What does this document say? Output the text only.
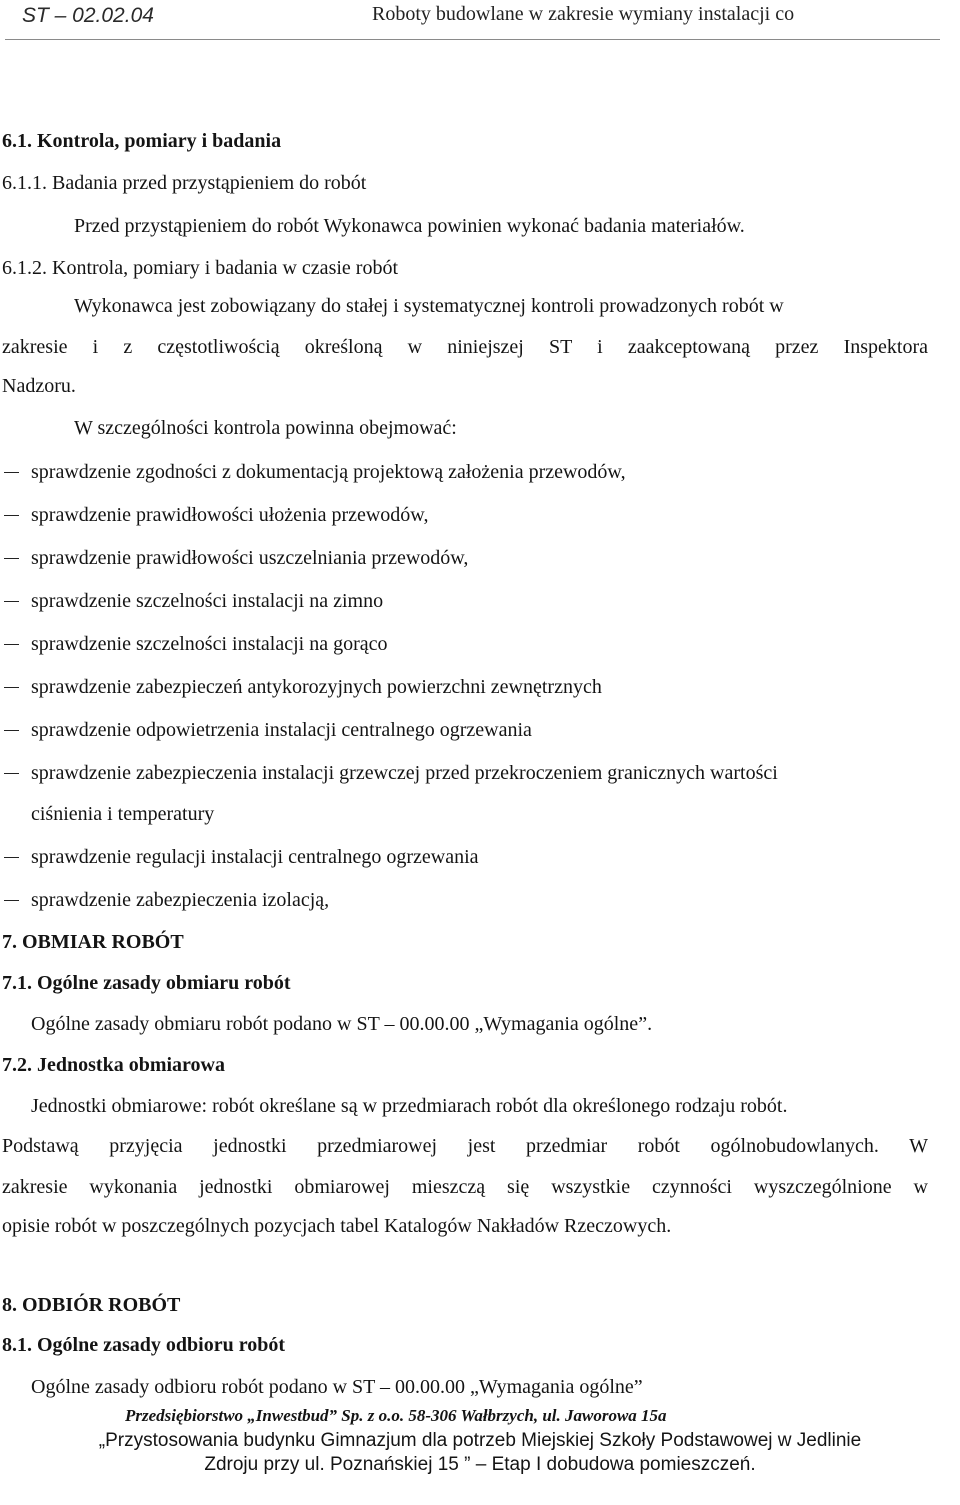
ST – 02.02.04	Roboty budowlane w zakresie wymiany instalacji co
6.1. Kontrola, pomiary i badania
6.1.1. Badania przed przystąpieniem do robót
Przed przystąpieniem do robót Wykonawca powinien wykonać badania materiałów.
6.1.2. Kontrola, pomiary i badania w czasie robót
Wykonawca jest zobowiązany do stałej i systematycznej kontroli prowadzonych robót w
zakresie i z częstotliwością określoną w niniejszej ST i zaakceptowaną przez Inspektora
Nadzoru.
W szczególności kontrola powinna obejmować:
sprawdzenie zgodności z dokumentacją projektową założenia przewodów,
sprawdzenie prawidłowości ułożenia przewodów,
sprawdzenie prawidłowości uszczelniania przewodów,
sprawdzenie szczelności instalacji na zimno
sprawdzenie szczelności instalacji na gorąco
sprawdzenie zabezpieczeń antykorozyjnych powierzchni zewnętrznych
sprawdzenie odpowietrzenia instalacji centralnego ogrzewania
sprawdzenie zabezpieczenia instalacji grzewczej przed przekroczeniem granicznych wartości
ciśnienia i temperatury
sprawdzenie regulacji instalacji centralnego ogrzewania
sprawdzenie zabezpieczenia izolacją,
7. OBMIAR ROBÓT
7.1. Ogólne zasady obmiaru robót
Ogólne zasady obmiaru robót podano w ST – 00.00.00 „Wymagania ogólne”.
7.2. Jednostka obmiarowa
Jednostki obmiarowe: robót określane są w przedmiarach robót dla określonego rodzaju robót.
Podstawą przyjęcia jednostki przedmiarowej jest przedmiar robót ogólnobudowlanych. W
zakresie wykonania jednostki obmiarowej mieszczą się wszystkie czynności wyszczególnione w
opisie robót w poszczególnych pozycjach tabel Katalogów Nakładów Rzeczowych.
8. ODBIÓR ROBÓT
8.1. Ogólne zasady odbioru robót
Ogólne zasady odbioru robót podano w ST – 00.00.00 „Wymagania ogólne”
Przedsiębiorstwo „Inwestbud” Sp. z o.o. 58-306 Wałbrzych, ul. Jaworowa 15a
„Przystosowania budynku Gimnazjum dla potrzeb Miejskiej Szkoły Podstawowej w Jedlinie
Zdroju przy ul. Poznańskiej 15 ” – Etap I dobudowa pomieszczeń.
